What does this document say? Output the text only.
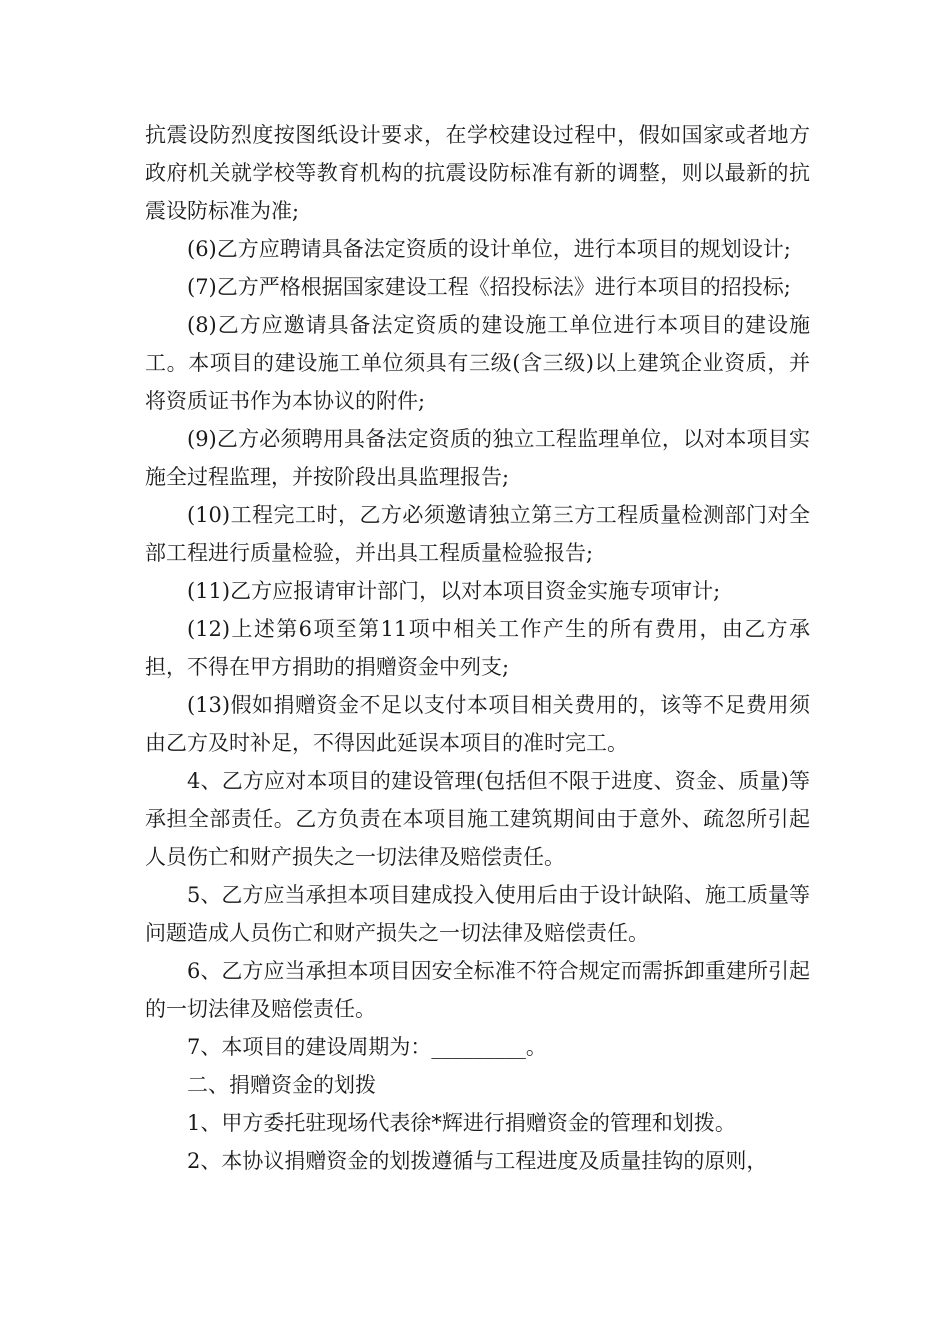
抗震设防烈度按图纸设计要求，在学校建设过程中，假如国家或者地方政府机关就学校等教育机构的抗震设防标准有新的调整，则以最新的抗震设防标准为准;

(6)乙方应聘请具备法定资质的设计单位，进行本项目的规划设计;

(7)乙方严格根据国家建设工程《招投标法》进行本项目的招投标;

(8)乙方应邀请具备法定资质的建设施工单位进行本项目的建设施工。本项目的建设施工单位须具有三级(含三级)以上建筑企业资质，并将资质证书作为本协议的附件;

(9)乙方必须聘用具备法定资质的独立工程监理单位，以对本项目实施全过程监理，并按阶段出具监理报告;

(10)工程完工时，乙方必须邀请独立第三方工程质量检测部门对全部工程进行质量检验，并出具工程质量检验报告;

(11)乙方应报请审计部门，以对本项目资金实施专项审计;

(12)上述第6项至第11项中相关工作产生的所有费用，由乙方承担，不得在甲方捐助的捐赠资金中列支;

(13)假如捐赠资金不足以支付本项目相关费用的，该等不足费用须由乙方及时补足，不得因此延误本项目的准时完工。

4、乙方应对本项目的建设管理(包括但不限于进度、资金、质量)等承担全部责任。乙方负责在本项目施工建筑期间由于意外、疏忽所引起人员伤亡和财产损失之一切法律及赔偿责任。

5、乙方应当承担本项目建成投入使用后由于设计缺陷、施工质量等问题造成人员伤亡和财产损失之一切法律及赔偿责任。

6、乙方应当承担本项目因安全标准不符合规定而需拆卸重建所引起的一切法律及赔偿责任。

7、本项目的建设周期为：_________。

二、捐赠资金的划拨

1、甲方委托驻现场代表徐*辉进行捐赠资金的管理和划拨。

2、本协议捐赠资金的划拨遵循与工程进度及质量挂钩的原则，
